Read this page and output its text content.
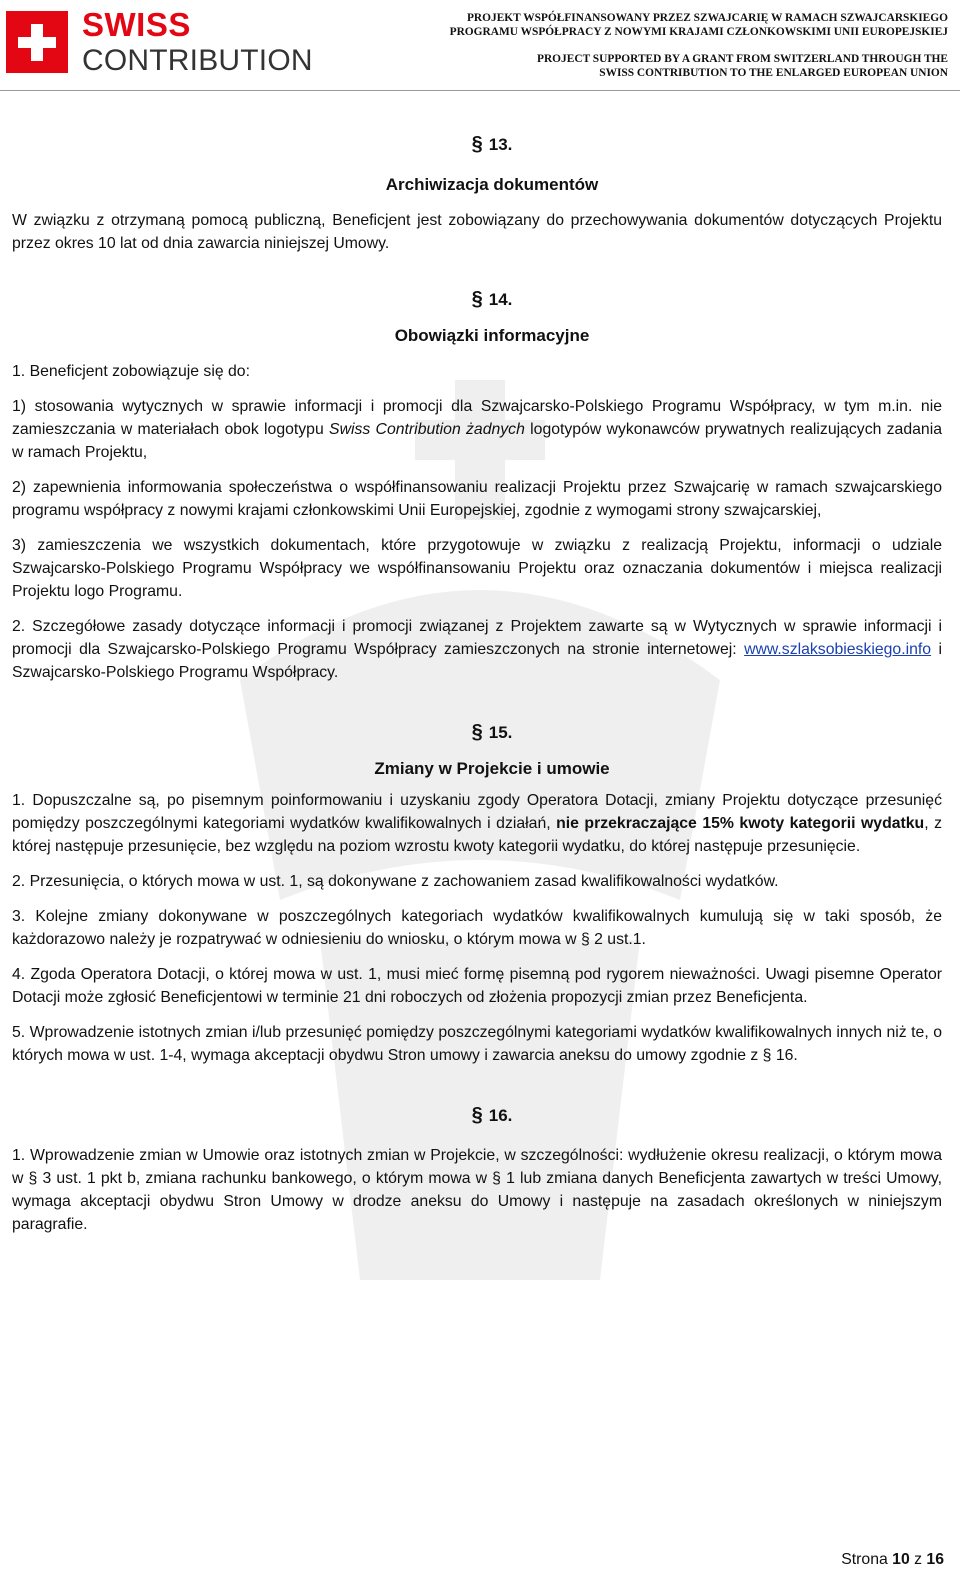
SWISS
CONTRIBUTION
PROJEKT WSPÓŁFINANSOWANY PRZEZ SZWAJCARIĘ W RAMACH SZWAJCARSKIEGO
PROGRAMU WSPÓŁPRACY Z NOWYMI KRAJAMI CZŁONKOWSKIMI UNII EUROPEJSKIEJ
PROJECT SUPPORTED BY A GRANT FROM SWITZERLAND THROUGH THE
SWISS CONTRIBUTION TO THE ENLARGED EUROPEAN UNION
§ 13.
Archiwizacja dokumentów

W związku z otrzymaną pomocą publiczną, Beneficjent jest zobowiązany do przechowywania dokumentów dotyczących Projektu przez okres 10 lat od dnia zawarcia niniejszej Umowy.

§ 14.
Obowiązki informacyjne

1. Beneficjent zobowiązuje się do:

1) stosowania wytycznych w sprawie informacji i promocji dla Szwajcarsko-Polskiego Programu Współpracy, w tym m.in. nie zamieszczania w materiałach obok logotypu Swiss Contribution żadnych logotypów wykonawców prywatnych realizujących zadania w ramach Projektu,

2) zapewnienia informowania społeczeństwa o współfinansowaniu realizacji Projektu przez Szwajcarię w ramach szwajcarskiego programu współpracy z nowymi krajami członkowskimi Unii Europejskiej, zgodnie z wymogami strony szwajcarskiej,

3) zamieszczenia we wszystkich dokumentach, które przygotowuje w związku z realizacją Projektu, informacji o udziale Szwajcarsko-Polskiego Programu Współpracy we współfinansowaniu Projektu oraz oznaczania dokumentów i miejsca realizacji Projektu logo Programu.

2. Szczegółowe zasady dotyczące informacji i promocji związanej z Projektem zawarte są w Wytycznych w sprawie informacji i promocji dla Szwajcarsko-Polskiego Programu Współpracy zamieszczonych na stronie internetowej: www.szlaksobieskiego.info i Szwajcarsko-Polskiego Programu Współpracy.

§ 15.
Zmiany w Projekcie i umowie

1. Dopuszczalne są, po pisemnym poinformowaniu i uzyskaniu zgody Operatora Dotacji, zmiany Projektu dotyczące przesunięć pomiędzy poszczególnymi kategoriami wydatków kwalifikowalnych i działań, nie przekraczające 15% kwoty kategorii wydatku, z której następuje przesunięcie, bez względu na poziom wzrostu kwoty kategorii wydatku, do której następuje przesunięcie.

2. Przesunięcia, o których mowa w ust. 1, są dokonywane z zachowaniem zasad kwalifikowalności wydatków.

3. Kolejne zmiany dokonywane w poszczególnych kategoriach wydatków kwalifikowalnych kumulują się w taki sposób, że każdorazowo należy je rozpatrywać w odniesieniu do wniosku, o którym mowa w § 2 ust.1.

4. Zgoda Operatora Dotacji, o której mowa w ust. 1, musi mieć formę pisemną pod rygorem nieważności. Uwagi pisemne Operator Dotacji może zgłosić Beneficjentowi w terminie 21 dni roboczych od złożenia propozycji zmian przez Beneficjenta.

5. Wprowadzenie istotnych zmian i/lub przesunięć pomiędzy poszczególnymi kategoriami wydatków kwalifikowalnych innych niż te, o których mowa w ust. 1-4, wymaga akceptacji obydwu Stron umowy i zawarcia aneksu do umowy zgodnie z § 16.

§ 16.

1. Wprowadzenie zmian w Umowie oraz istotnych zmian w Projekcie, w szczególności: wydłużenie okresu realizacji, o którym mowa w § 3 ust. 1 pkt b, zmiana rachunku bankowego, o którym mowa w § 1 lub zmiana danych Beneficjenta zawartych w treści Umowy, wymaga akceptacji obydwu Stron Umowy w drodze aneksu do Umowy i następuje na zasadach określonych w niniejszym paragrafie.

Strona 10 z 16
